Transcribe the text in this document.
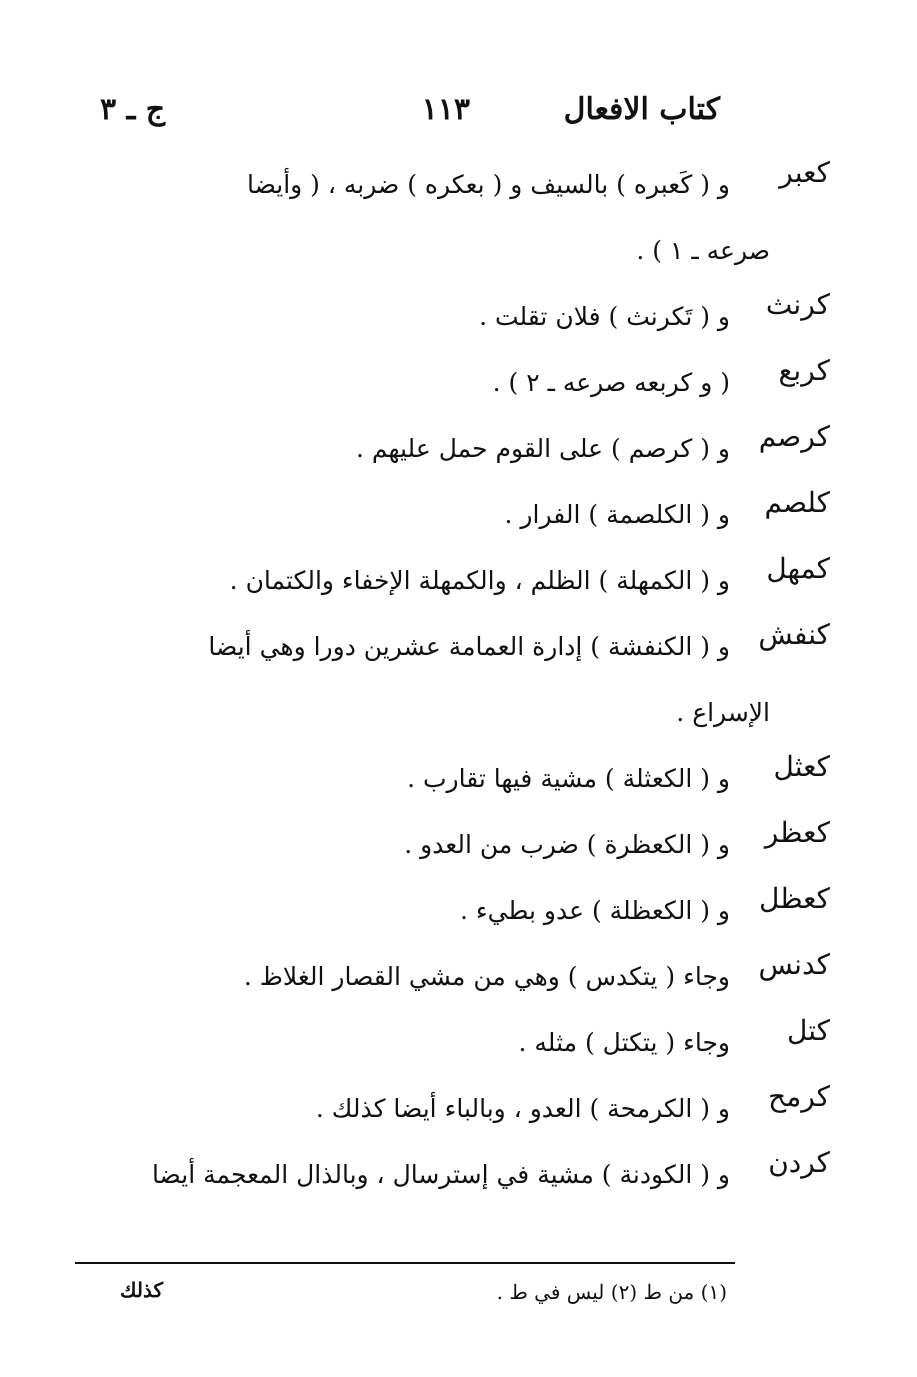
كتاب الافعال
١١٣
ج ـ ٣
كعبر
و ( كَعبره ) بالسيف و ( بعكره ) ضربه ، ( وأيضا
صرعه ـ ١ ) .
كرنث
و ( تَكرنث ) فلان تقلت .
كربع
( و كربعه صرعه ـ ٢ ) .
كرصم
و ( كرصم ) على القوم حمل عليهم .
كلصم
و ( الكلصمة ) الفرار .
كمهل
و ( الكمهلة ) الظلم ، والكمهلة الإخفاء والكتمان .
كنفش
و ( الكنفشة ) إدارة العمامة عشرين دورا وهي أيضا
الإسراع .
كعثل
و ( الكعثلة ) مشية فيها تقارب .
كعظر
و ( الكعظرة ) ضرب من العدو .
كعظل
و ( الكعظلة ) عدو بطيء .
كدنس
وجاء ( يتكدس ) وهي من مشي القصار الغلاظ .
كتل
وجاء ( يتكتل ) مثله .
كرمح
و ( الكرمحة ) العدو ، وبالباء أيضا كذلك .
كردن
و ( الكودنة ) مشية في إسترسال ، وبالذال المعجمة أيضا
(١) من ط (٢) ليس في ط .
كذلك
